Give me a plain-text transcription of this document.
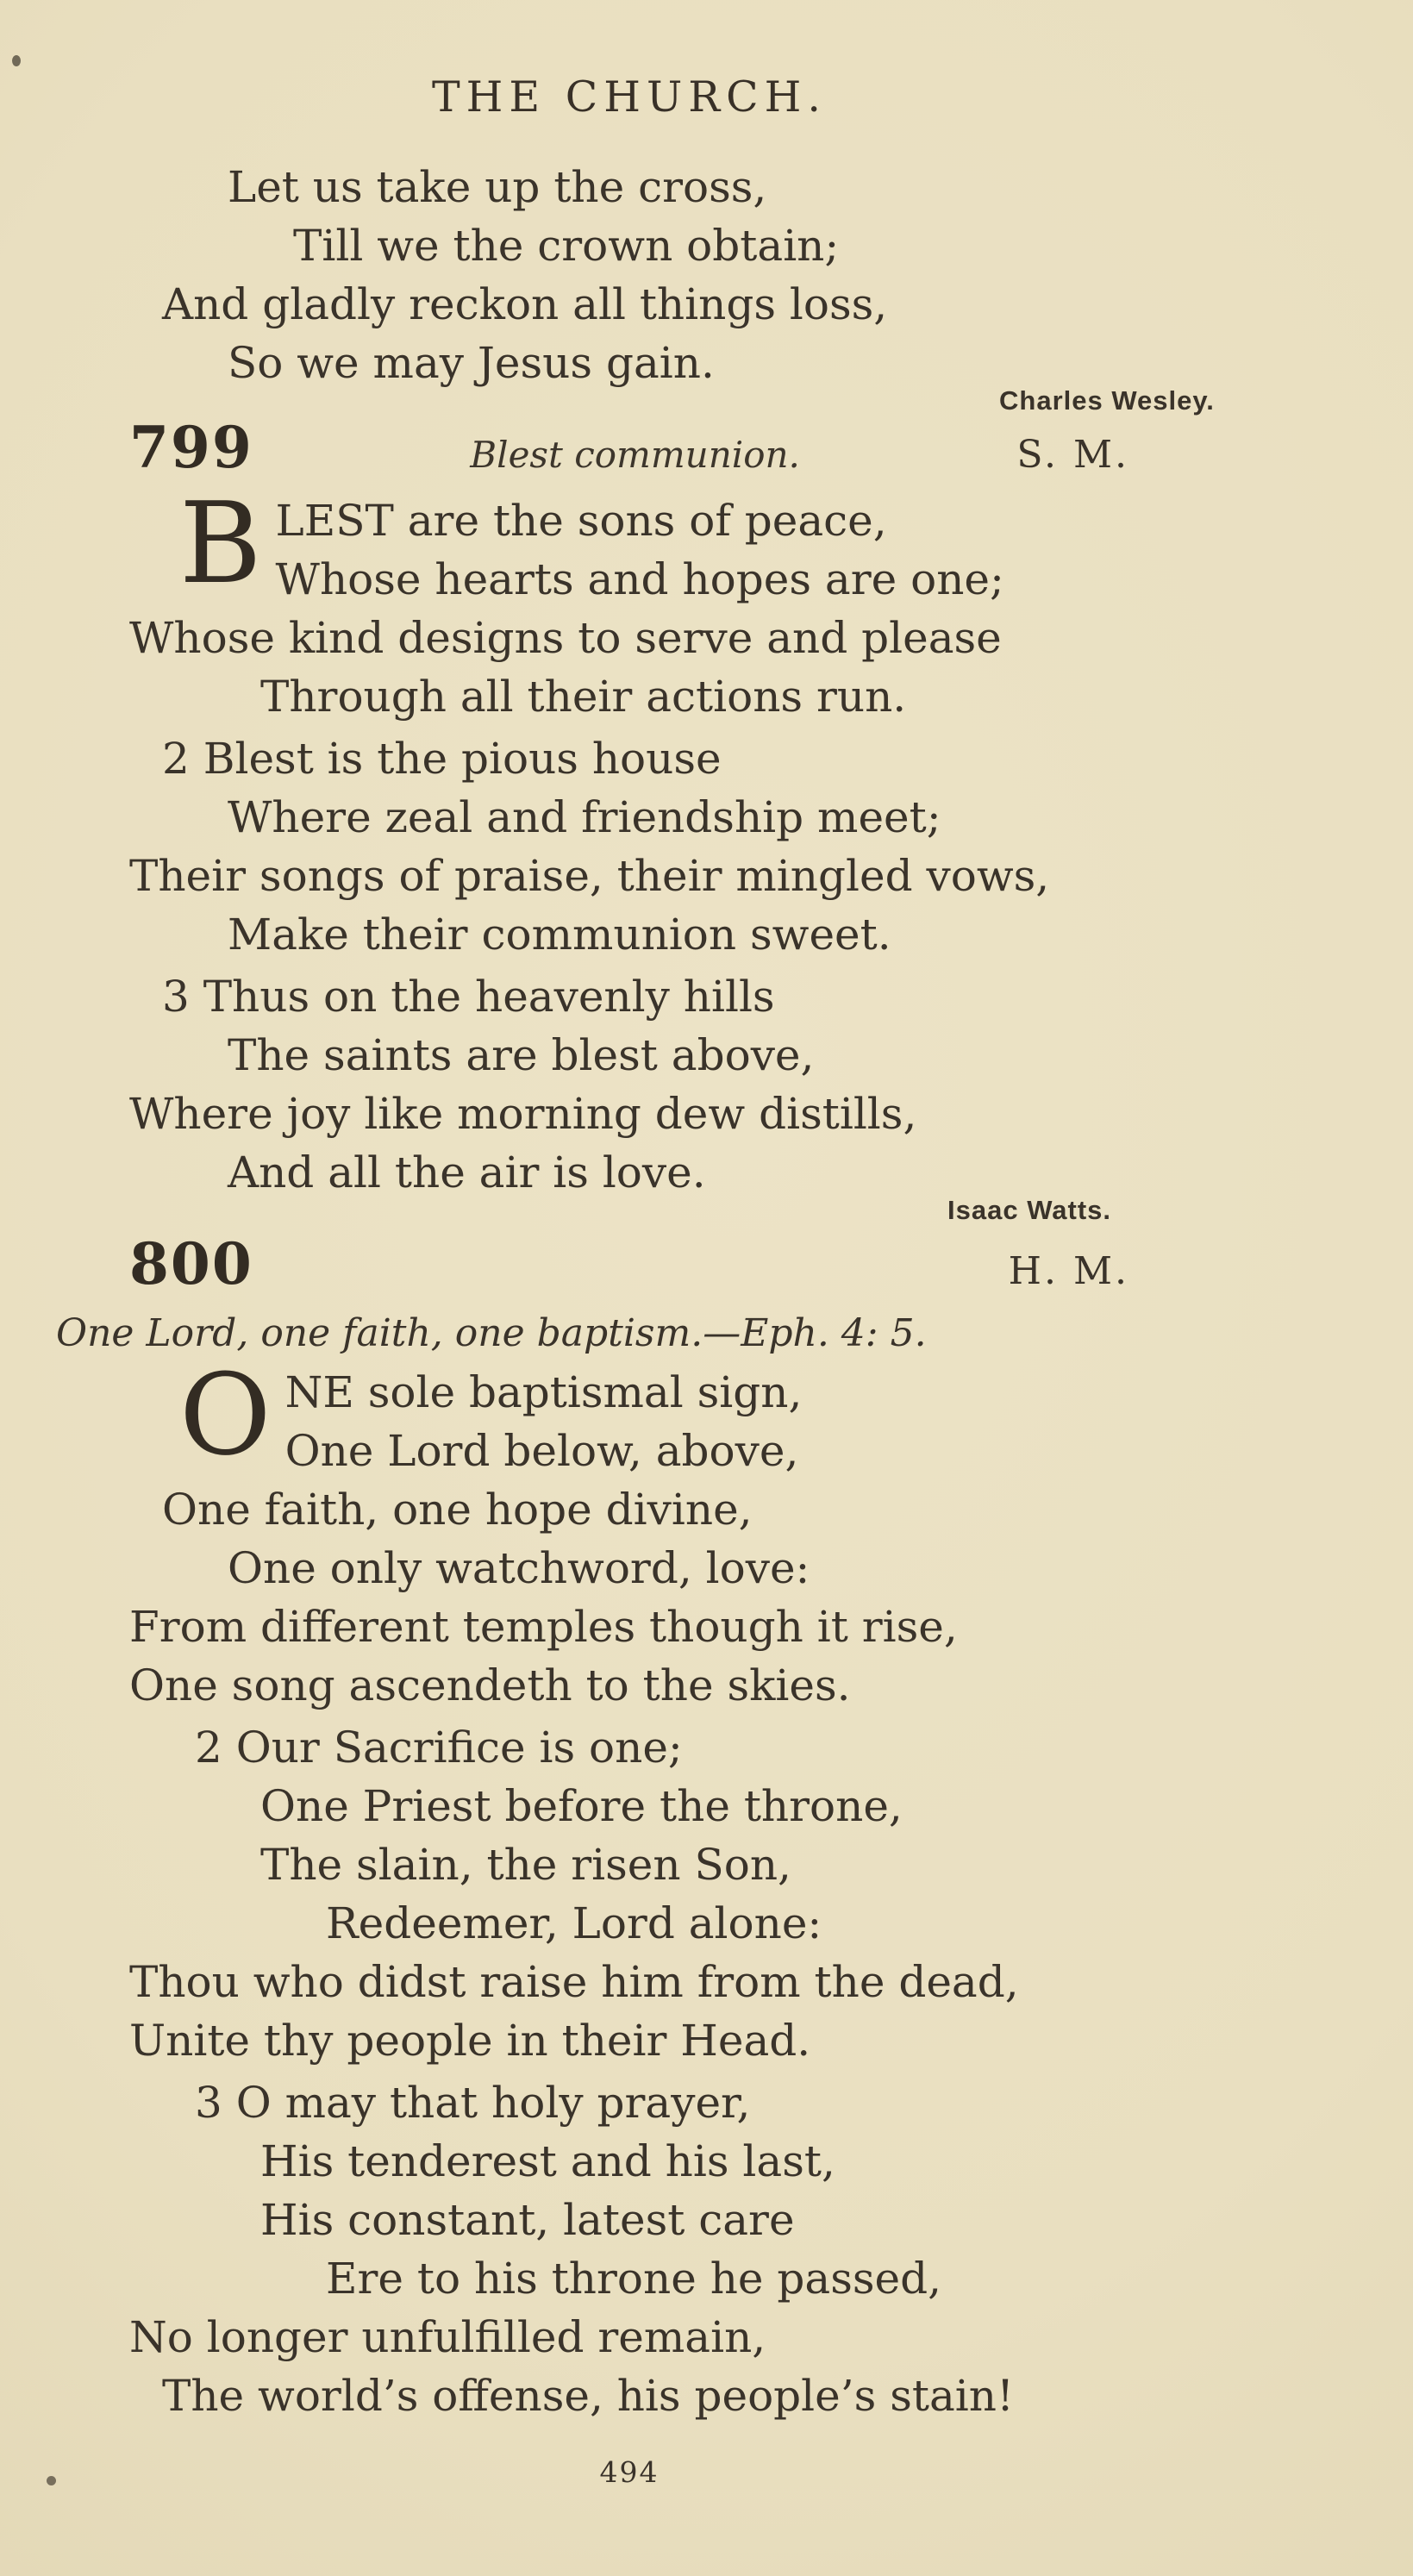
THE CHURCH.
Let us take up the cross,
Till we the crown obtain;
And gladly reckon all things loss,
So we may Jesus gain.
Charles Wesley.
799	Blest communion.	S. M.
B LEST are the sons of peace,
Whose hearts and hopes are one;
Whose kind designs to serve and please
Through all their actions run.
2 Blest is the pious house
Where zeal and friendship meet;
Their songs of praise, their mingled vows,
Make their communion sweet.
3 Thus on the heavenly hills
The saints are blest above,
Where joy like morning dew distills,
And all the air is love.
Isaac Watts.
800	H. M.
One Lord, one faith, one baptism.—Eph. 4: 5.
O NE sole baptismal sign,
One Lord below, above,
One faith, one hope divine,
One only watchword, love:
From different temples though it rise,
One song ascendeth to the skies.
2 Our Sacrifice is one;
One Priest before the throne,
The slain, the risen Son,
Redeemer, Lord alone:
Thou who didst raise him from the dead,
Unite thy people in their Head.
3 O may that holy prayer,
His tenderest and his last,
His constant, latest care
Ere to his throne he passed,
No longer unfulfilled remain,
The world’s offense, his people’s stain!
494
